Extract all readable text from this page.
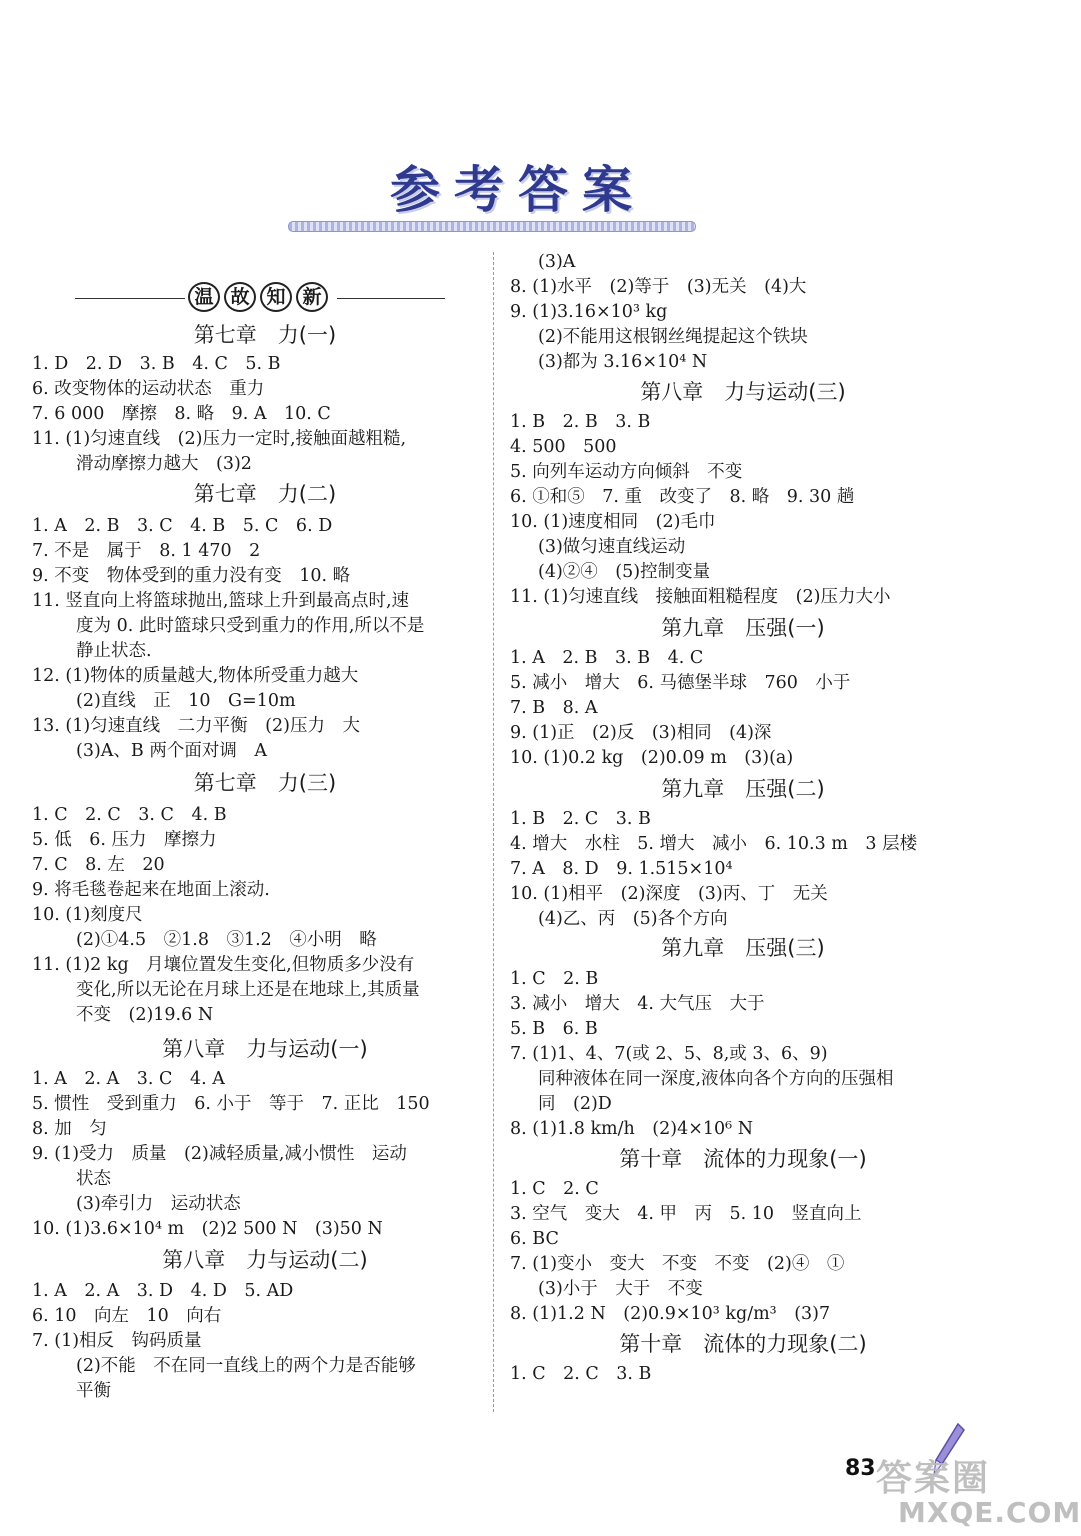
参考答案
温 故 知 新
第七章　力(一)
1. D　2. D　3. B　4. C　5. B
6. 改变物体的运动状态　重力
7. 6 000　摩擦　8. 略　9. A　10. C
11. (1)匀速直线　(2)压力一定时,接触面越粗糙,
滑动摩擦力越大　(3)2
第七章　力(二)
1. A　2. B　3. C　4. B　5. C　6. D
7. 不是　属于　8. 1 470　2
9. 不变　物体受到的重力没有变　10. 略
11. 竖直向上将篮球抛出,篮球上升到最高点时,速
度为 0. 此时篮球只受到重力的作用,所以不是
静止状态.
12. (1)物体的质量越大,物体所受重力越大
(2)直线　正　10　G=10m
13. (1)匀速直线　二力平衡　(2)压力　大
(3)A、B 两个面对调　A
第七章　力(三)
1. C　2. C　3. C　4. B
5. 低　6. 压力　摩擦力
7. C　8. 左　20
9. 将毛毯卷起来在地面上滚动.
10. (1)刻度尺
(2)①4.5　②1.8　③1.2　④小明　略
11. (1)2 kg　月壤位置发生变化,但物质多少没有
变化,所以无论在月球上还是在地球上,其质量
不变　(2)19.6 N
第八章　力与运动(一)
1. A　2. A　3. C　4. A
5. 惯性　受到重力　6. 小于　等于　7. 正比　150
8. 加　匀
9. (1)受力　质量　(2)减轻质量,减小惯性　运动
状态
(3)牵引力　运动状态
10. (1)3.6×10⁴ m　(2)2 500 N　(3)50 N
第八章　力与运动(二)
1. A　2. A　3. D　4. D　5. AD
6. 10　向左　10　向右
7. (1)相反　钩码质量
(2)不能　不在同一直线上的两个力是否能够
平衡
(3)A
8. (1)水平　(2)等于　(3)无关　(4)大
9. (1)3.16×10³ kg
(2)不能用这根钢丝绳提起这个铁块
(3)都为 3.16×10⁴ N
第八章　力与运动(三)
1. B　2. B　3. B
4. 500　500
5. 向列车运动方向倾斜　不变
6. ①和⑤　7. 重　改变了　8. 略　9. 30 趟
10. (1)速度相同　(2)毛巾
(3)做匀速直线运动
(4)②④　(5)控制变量
11. (1)匀速直线　接触面粗糙程度　(2)压力大小
第九章　压强(一)
1. A　2. B　3. B　4. C
5. 减小　增大　6. 马德堡半球　760　小于
7. B　8. A
9. (1)正　(2)反　(3)相同　(4)深
10. (1)0.2 kg　(2)0.09 m　(3)(a)
第九章　压强(二)
1. B　2. C　3. B
4. 增大　水柱　5. 增大　减小　6. 10.3 m　3 层楼
7. A　8. D　9. 1.515×10⁴
10. (1)相平　(2)深度　(3)丙、丁　无关
(4)乙、丙　(5)各个方向
第九章　压强(三)
1. C　2. B
3. 减小　增大　4. 大气压　大于
5. B　6. B
7. (1)1、4、7(或 2、5、8,或 3、6、9)
同种液体在同一深度,液体向各个方向的压强相
同　(2)D
8. (1)1.8 km/h　(2)4×10⁶ N
第十章　流体的力现象(一)
1. C　2. C
3. 空气　变大　4. 甲　丙　5. 10　竖直向上
6. BC
7. (1)变小　变大　不变　不变　(2)④　①
(3)小于　大于　不变
8. (1)1.2 N　(2)0.9×10³ kg/m³　(3)7
第十章　流体的力现象(二)
1. C　2. C　3. B
83 答案圈
MXQE.COM
